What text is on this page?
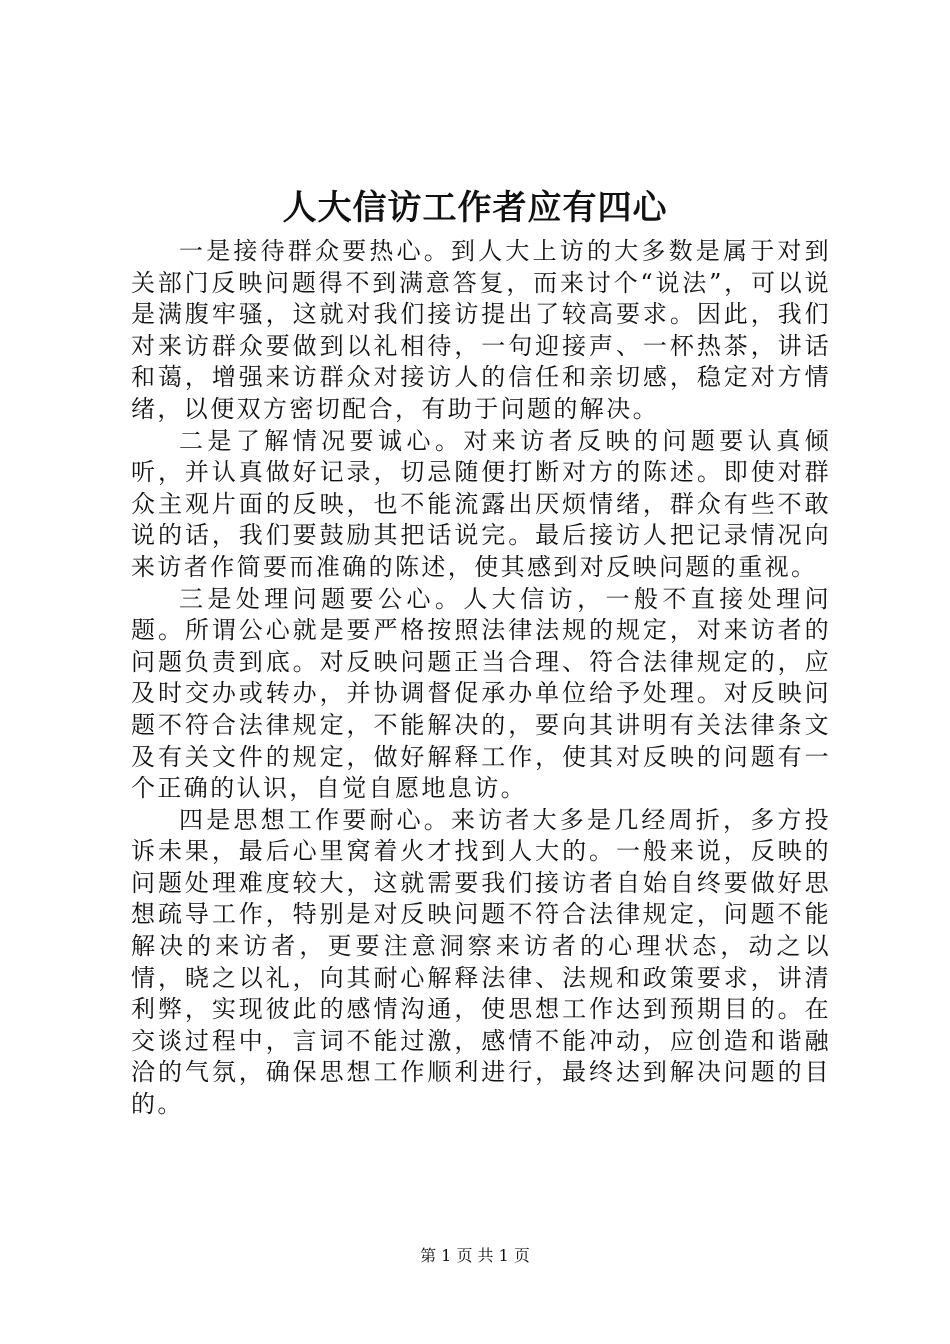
人大信访工作者应有四心

一是接待群众要热心。到人大上访的大多数是属于对到关部门反映问题得不到满意答复，而来讨个“说法”，可以说是满腹牢骚，这就对我们接访提出了较高要求。因此，我们对来访群众要做到以礼相待，一句迎接声、一杯热茶，讲话和蔼，增强来访群众对接访人的信任和亲切感，稳定对方情绪，以便双方密切配合，有助于问题的解决。

二是了解情况要诚心。对来访者反映的问题要认真倾听，并认真做好记录，切忌随便打断对方的陈述。即使对群众主观片面的反映，也不能流露出厌烦情绪，群众有些不敢说的话，我们要鼓励其把话说完。最后接访人把记录情况向来访者作简要而准确的陈述，使其感到对反映问题的重视。

三是处理问题要公心。人大信访，一般不直接处理问题。所谓公心就是要严格按照法律法规的规定，对来访者的问题负责到底。对反映问题正当合理、符合法律规定的，应及时交办或转办，并协调督促承办单位给予处理。对反映问题不符合法律规定，不能解决的，要向其讲明有关法律条文及有关文件的规定，做好解释工作，使其对反映的问题有一个正确的认识，自觉自愿地息访。

四是思想工作要耐心。来访者大多是几经周折，多方投诉未果，最后心里窝着火才找到人大的。一般来说，反映的问题处理难度较大，这就需要我们接访者自始自终要做好思想疏导工作，特别是对反映问题不符合法律规定，问题不能解决的来访者，更要注意洞察来访者的心理状态，动之以情，晓之以礼，向其耐心解释法律、法规和政策要求，讲清利弊，实现彼此的感情沟通，使思想工作达到预期目的。在交谈过程中，言词不能过激，感情不能冲动，应创造和谐融洽的气氛，确保思想工作顺利进行，最终达到解决问题的目的。

第 1 页 共 1 页
